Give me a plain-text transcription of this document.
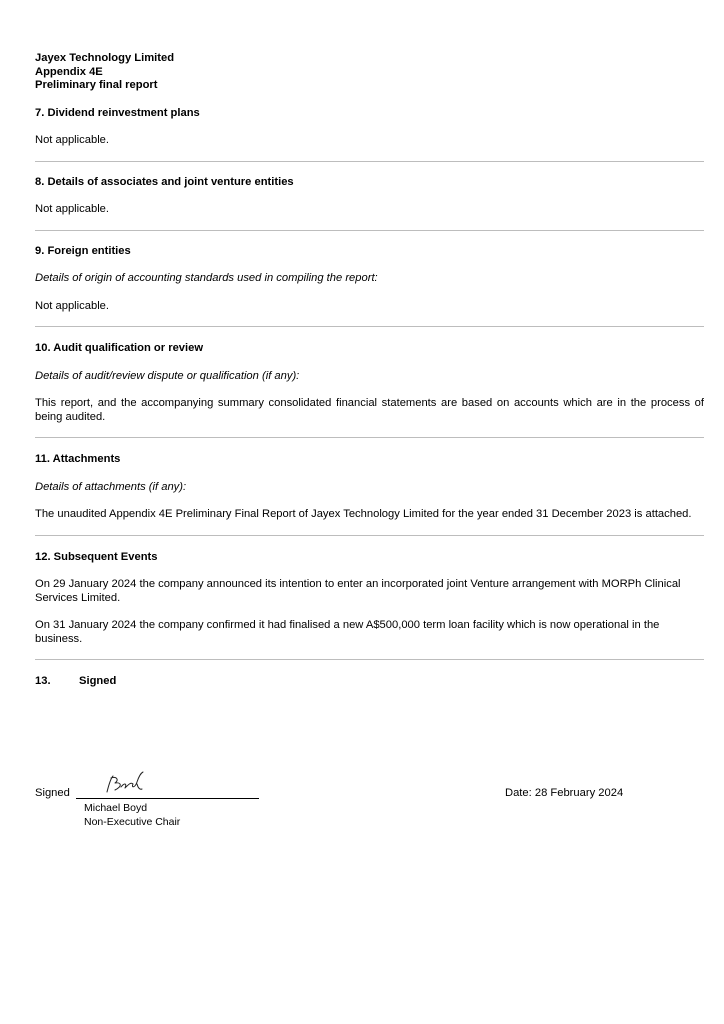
Jayex Technology Limited

Appendix 4E

Preliminary final report

7. Dividend reinvestment plans

Not applicable.

8. Details of associates and joint venture entities

Not applicable.

9. Foreign entities

Details of origin of accounting standards used in compiling the report:

Not applicable.

10. Audit qualification or review

Details of audit/review dispute or qualification (if any):

This report, and the accompanying summary consolidated financial statements are based on accounts which are in the process of being audited.

11. Attachments

Details of attachments (if any):

The unaudited Appendix 4E Preliminary Final Report of Jayex Technology Limited for the year ended 31 December 2023 is attached.

12. Subsequent Events

On 29 January 2024 the company announced its intention to enter an incorporated joint Venture arrangement with MORPh Clinical Services Limited.

On 31 January 2024 the company confirmed it had finalised a new A$500,000 term loan facility which is now operational in the business.

13.	Signed

Signed	Date: 28 February 2024
Michael Boyd
Non-Executive Chair
